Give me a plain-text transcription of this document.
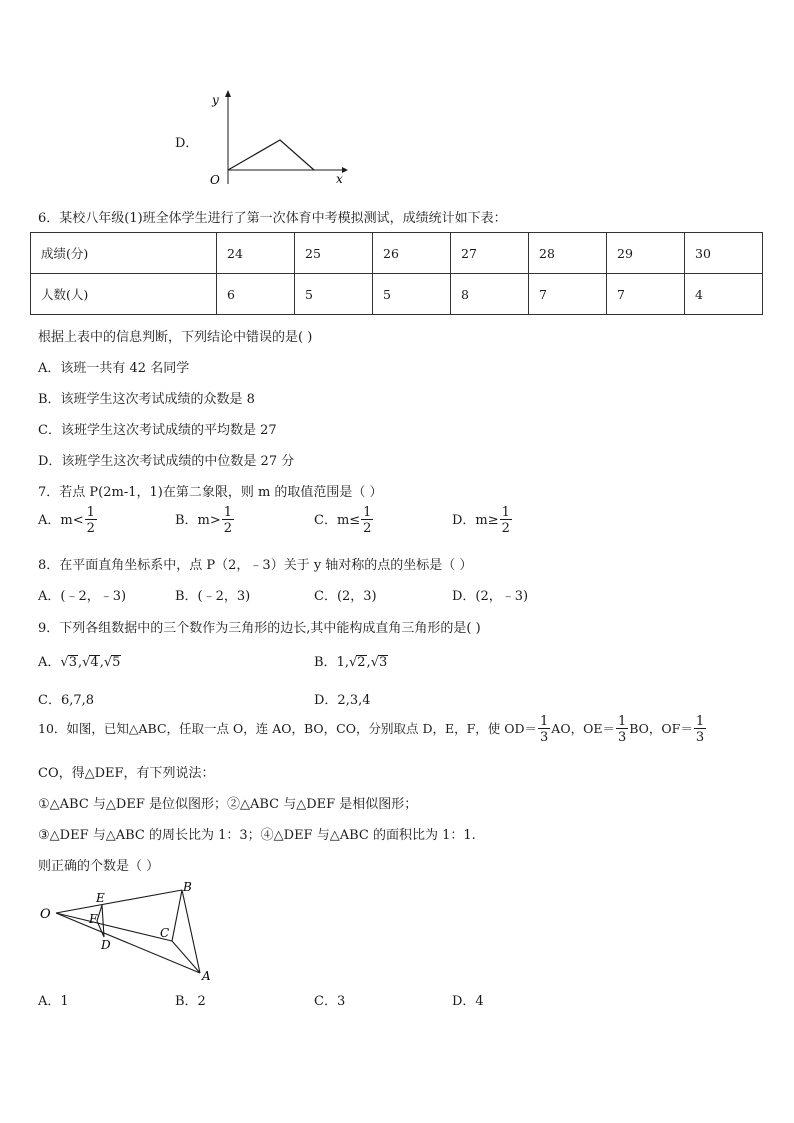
D．
y
x
O
6．某校八年级(1)班全体学生进行了第一次体育中考模拟测试，成绩统计如下表：
成绩(分)	24	25	26	27	28	29	30
人数(人)	6	5	5	8	7	7	4
根据上表中的信息判断，下列结论中错误的是( )
A．该班一共有 42 名同学
B．该班学生这次考试成绩的众数是 8
C．该班学生这次考试成绩的平均数是 27
D．该班学生这次考试成绩的中位数是 27 分
7．若点 P(2m-1，1)在第二象限，则 m 的取值范围是（ ）
A．$m< \frac{1}{2}$	B．$m> \frac{1}{2}$	C．$m\le \frac{1}{2}$	D．$m\ge \frac{1}{2}$
8．在平面直角坐标系中，点 P（2，﹣3）关于 y 轴对称的点的坐标是（ ）
A．(﹣2，﹣3)	B．(﹣2，3)	C．(2，3)	D．(2，﹣3)
9．下列各组数据中的三个数作为三角形的边长,其中能构成直角三角形的是( )
A．√3,√4,√5	B．1,√2,√3
C．6,7,8	D．2,3,4
10．如图，已知△ABC，任取一点 O，连 AO，BO，CO，分别取点 D，E，F，使 $OD= \frac{1}{3}$ AO，$OE= \frac{1}{3}$ BO，$OF= \frac{1}{3}$
CO，得△DEF，有下列说法：
①△ABC 与△DEF 是位似图形；②△ABC 与△DEF 是相似图形；
③△DEF 与△ABC 的周长比为 1：3；④△DEF 与△ABC 的面积比为 1：1.
则正确的个数是（ ）
O
E
F
D
C
B
A
A．1	B．2	C．3	D．4
